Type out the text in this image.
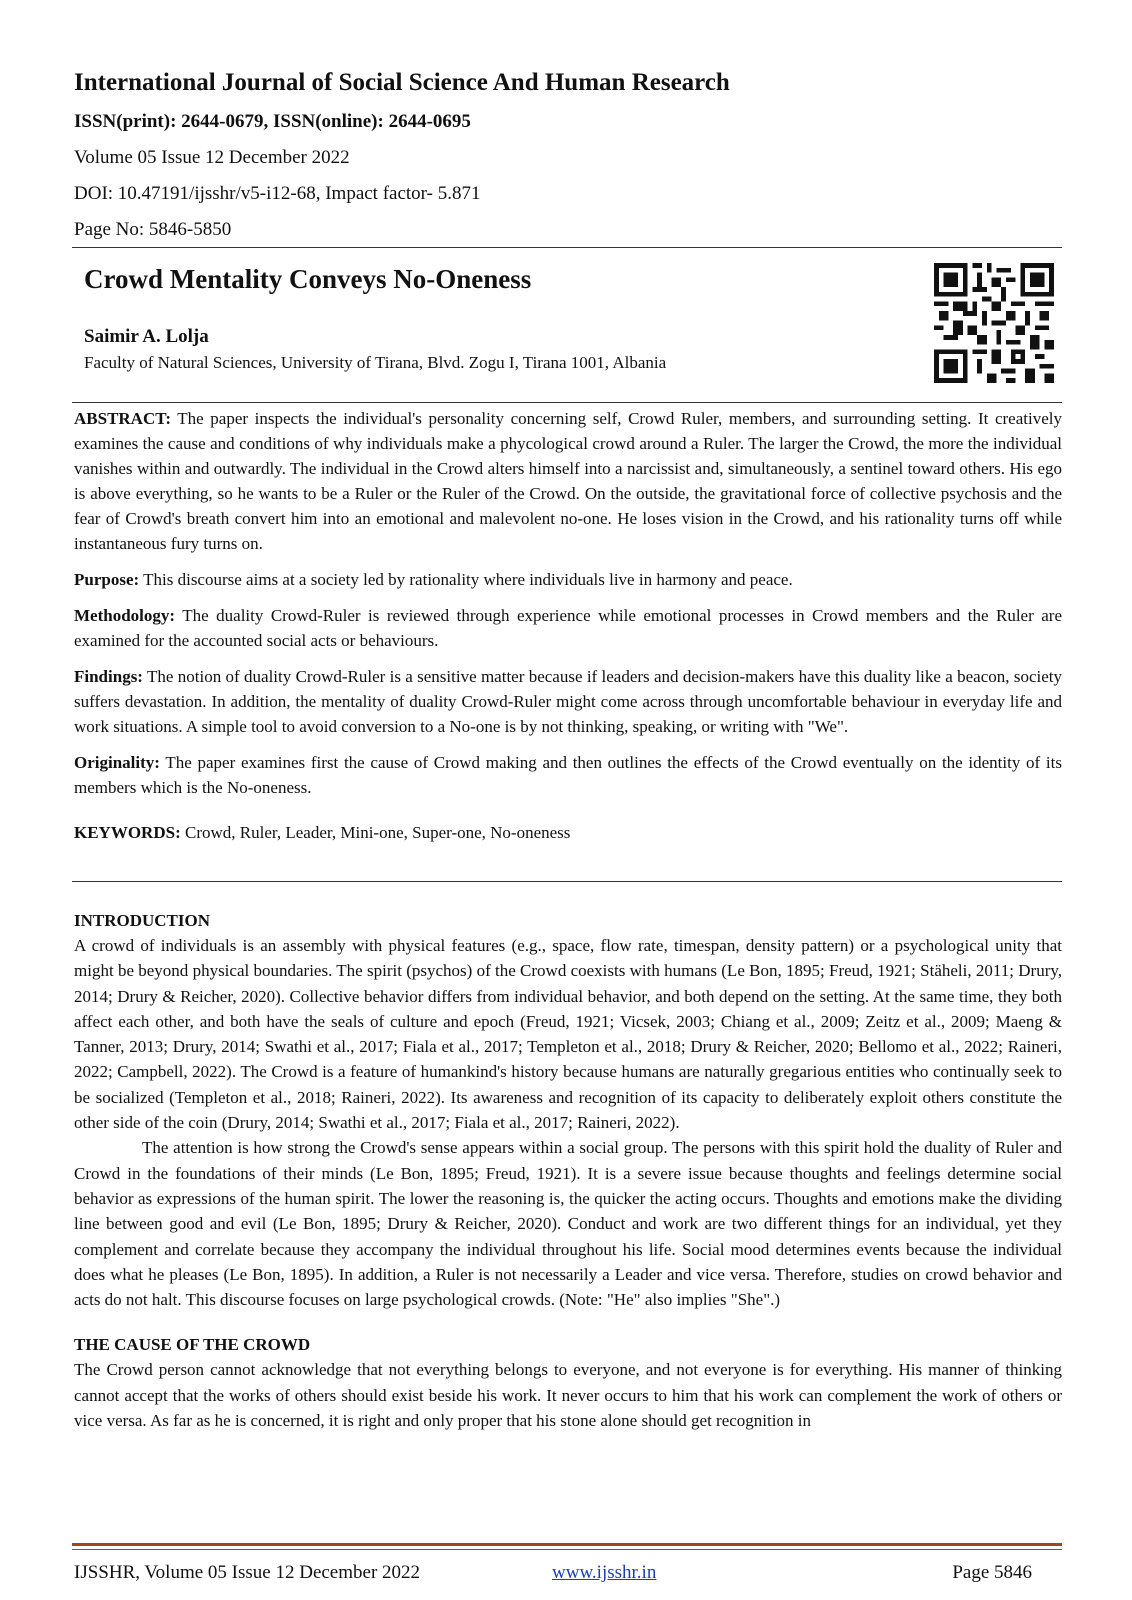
International Journal of Social Science And Human Research
ISSN(print): 2644-0679, ISSN(online): 2644-0695
Volume 05 Issue 12 December 2022
DOI: 10.47191/ijsshr/v5-i12-68, Impact factor- 5.871
Page No: 5846-5850
Crowd Mentality Conveys No-Oneness
Saimir A. Lolja
Faculty of Natural Sciences, University of Tirana, Blvd. Zogu I, Tirana 1001, Albania

ABSTRACT: The paper inspects the individual's personality concerning self, Crowd Ruler, members, and surrounding setting. It creatively examines the cause and conditions of why individuals make a phycological crowd around a Ruler. The larger the Crowd, the more the individual vanishes within and outwardly. The individual in the Crowd alters himself into a narcissist and, simultaneously, a sentinel toward others. His ego is above everything, so he wants to be a Ruler or the Ruler of the Crowd. On the outside, the gravitational force of collective psychosis and the fear of Crowd's breath convert him into an emotional and malevolent no-one. He loses vision in the Crowd, and his rationality turns off while instantaneous fury turns on.

Purpose: This discourse aims at a society led by rationality where individuals live in harmony and peace.

Methodology: The duality Crowd-Ruler is reviewed through experience while emotional processes in Crowd members and the Ruler are examined for the accounted social acts or behaviours.

Findings: The notion of duality Crowd-Ruler is a sensitive matter because if leaders and decision-makers have this duality like a beacon, society suffers devastation. In addition, the mentality of duality Crowd-Ruler might come across through uncomfortable behaviour in everyday life and work situations. A simple tool to avoid conversion to a No-one is by not thinking, speaking, or writing with "We".

Originality: The paper examines first the cause of Crowd making and then outlines the effects of the Crowd eventually on the identity of its members which is the No-oneness.

KEYWORDS: Crowd, Ruler, Leader, Mini-one, Super-one, No-oneness

INTRODUCTION

A crowd of individuals is an assembly with physical features (e.g., space, flow rate, timespan, density pattern) or a psychological unity that might be beyond physical boundaries. The spirit (psychos) of the Crowd coexists with humans (Le Bon, 1895; Freud, 1921; Stäheli, 2011; Drury, 2014; Drury & Reicher, 2020). Collective behavior differs from individual behavior, and both depend on the setting. At the same time, they both affect each other, and both have the seals of culture and epoch (Freud, 1921; Vicsek, 2003; Chiang et al., 2009; Zeitz et al., 2009; Maeng & Tanner, 2013; Drury, 2014; Swathi et al., 2017; Fiala et al., 2017; Templeton et al., 2018; Drury & Reicher, 2020; Bellomo et al., 2022; Raineri, 2022; Campbell, 2022). The Crowd is a feature of humankind's history because humans are naturally gregarious entities who continually seek to be socialized (Templeton et al., 2018; Raineri, 2022). Its awareness and recognition of its capacity to deliberately exploit others constitute the other side of the coin (Drury, 2014; Swathi et al., 2017; Fiala et al., 2017; Raineri, 2022).

The attention is how strong the Crowd's sense appears within a social group. The persons with this spirit hold the duality of Ruler and Crowd in the foundations of their minds (Le Bon, 1895; Freud, 1921). It is a severe issue because thoughts and feelings determine social behavior as expressions of the human spirit. The lower the reasoning is, the quicker the acting occurs. Thoughts and emotions make the dividing line between good and evil (Le Bon, 1895; Drury & Reicher, 2020). Conduct and work are two different things for an individual, yet they complement and correlate because they accompany the individual throughout his life. Social mood determines events because the individual does what he pleases (Le Bon, 1895). In addition, a Ruler is not necessarily a Leader and vice versa. Therefore, studies on crowd behavior and acts do not halt. This discourse focuses on large psychological crowds. (Note: "He" also implies "She".)

THE CAUSE OF THE CROWD

The Crowd person cannot acknowledge that not everything belongs to everyone, and not everyone is for everything. His manner of thinking cannot accept that the works of others should exist beside his work. It never occurs to him that his work can complement the work of others or vice versa. As far as he is concerned, it is right and only proper that his stone alone should get recognition in

IJSSHR, Volume 05 Issue 12 December 2022	www.ijsshr.in	Page 5846
